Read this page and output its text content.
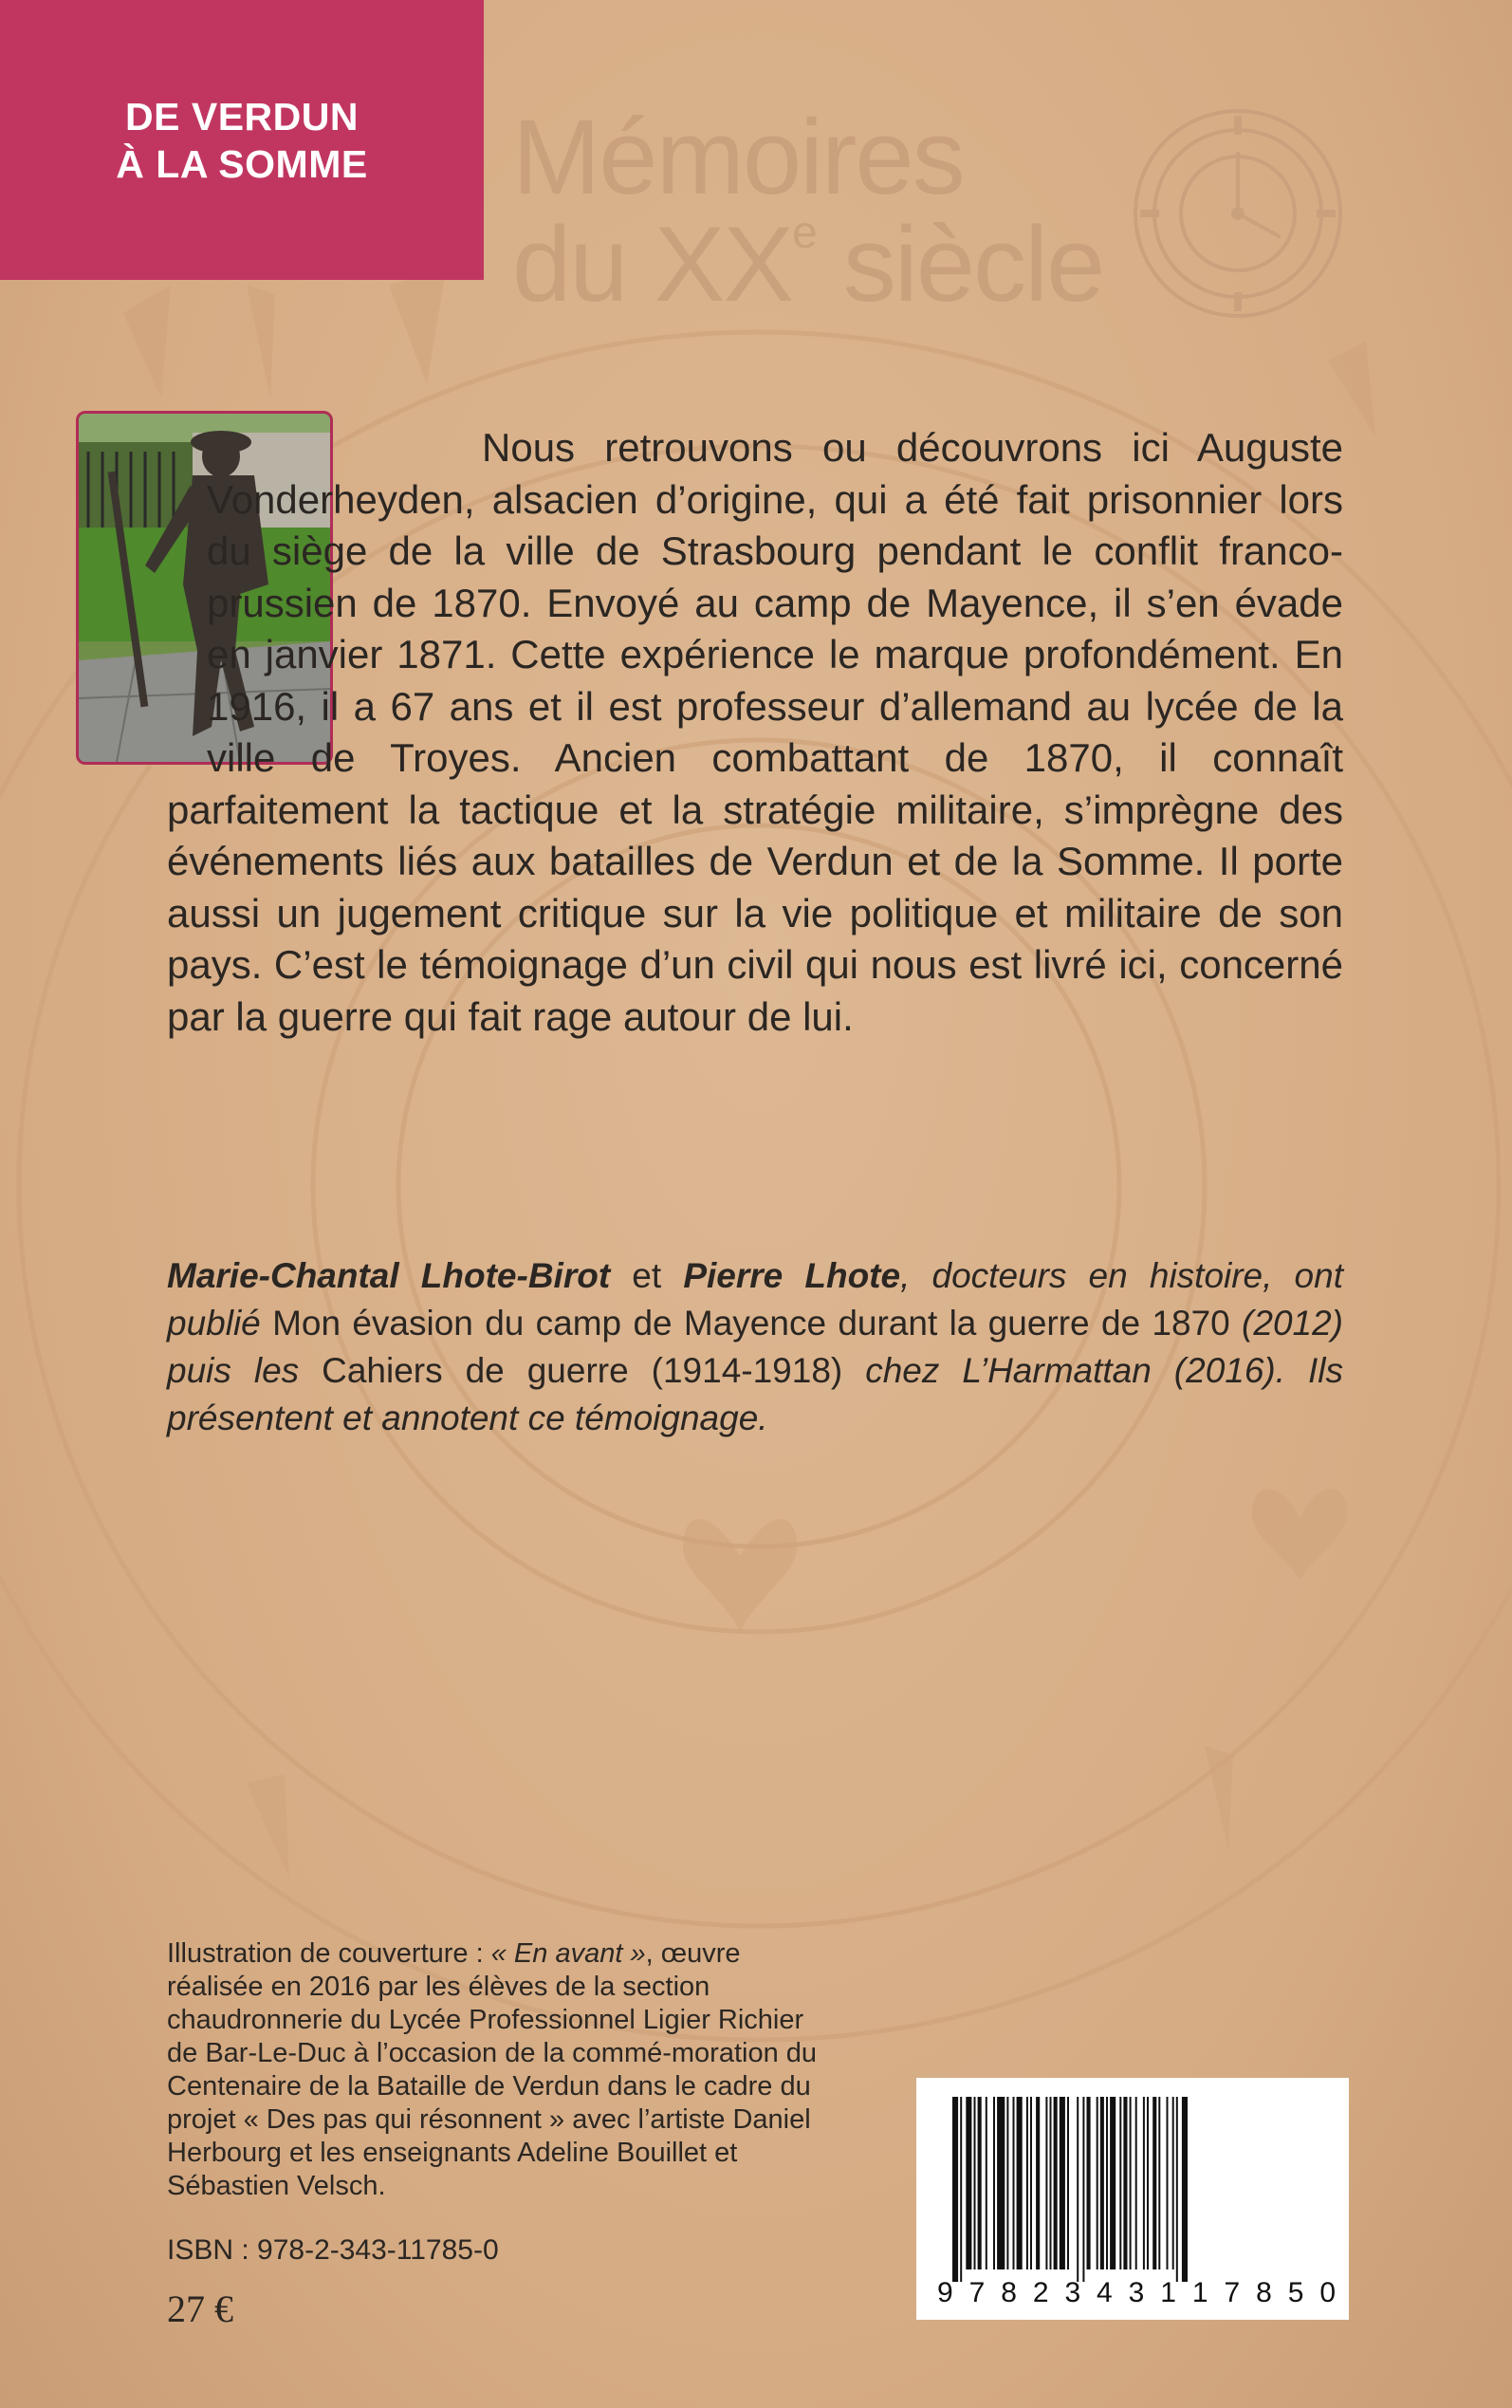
DE VERDUN
À LA SOMME Mémoires
du XXe siècle

Nous retrouvons ou découvrons ici Auguste Vonderheyden, alsacien d’origine, qui a été fait prisonnier lors du siège de la ville de Strasbourg pendant le conflit franco-prussien de 1870. Envoyé au camp de Mayence, il s’en évade en janvier 1871. Cette expérience le marque profondément. En 1916, il a 67 ans et il est professeur d’allemand au lycée de la ville de Troyes. Ancien combattant de 1870, il connaît parfaitement la tactique et la stratégie militaire, s’imprègne des événements liés aux batailles de Verdun et de la Somme. Il porte aussi un jugement critique sur la vie politique et militaire de son pays. C’est le témoignage d’un civil qui nous est livré ici, concerné par la guerre qui fait rage autour de lui.

Marie-Chantal Lhote-Birot et Pierre Lhote, docteurs en histoire, ont publié Mon évasion du camp de Mayence durant la guerre de 1870 (2012) puis les Cahiers de guerre (1914-1918) chez L’Harmattan (2016). Ils présentent et annotent ce témoignage.
Illustration de couverture : « En avant », œuvre réalisée en 2016 par les élèves de la section chaudronnerie du Lycée Professionnel Ligier Richier de Bar-Le-Duc à l’occasion de la commé-moration du Centenaire de la Bataille de Verdun dans le cadre du projet « Des pas qui résonnent » avec l’artiste Daniel Herbourg et les enseignants Adeline Bouillet et Sébastien Velsch.
ISBN : 978-2-343-11785-0
27 €	9 7 8 2 3 4 3 1 1 7 8 5 0
